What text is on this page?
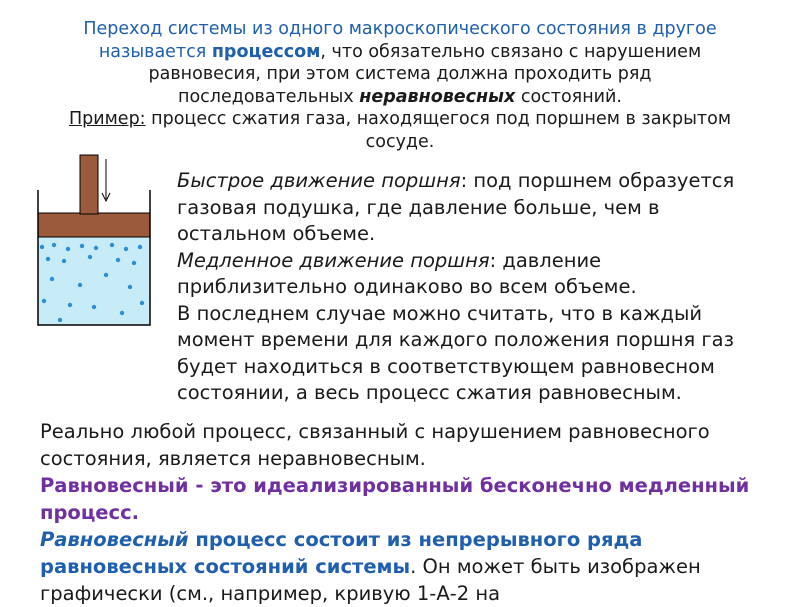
Переход системы из одного макроскопического состояния в другое называется процессом, что обязательно связано с нарушением равновесия, при этом система должна проходить ряд последовательных неравновесных состояний.
Пример: процесс сжатия газа, находящегося под поршнем в закрытом сосуде.
Быстрое движение поршня: под поршнем образуется газовая подушка, где давление больше, чем в остальном объеме.
Медленное движение поршня: давление приблизительно одинаково во всем объеме.
В последнем случае можно считать, что в каждый момент времени для каждого положения поршня газ будет находиться в соответствующем равновесном состоянии, а весь процесс сжатия равновесным.
Реально любой процесс, связанный с нарушением равновесного состояния, является неравновесным.
Равновесный - это идеализированный бесконечно медленный процесс.
Равновесный процесс состоит из непрерывного ряда равновесных состояний системы. Он может быть изображен графически (см., например, кривую 1-А-2 на
